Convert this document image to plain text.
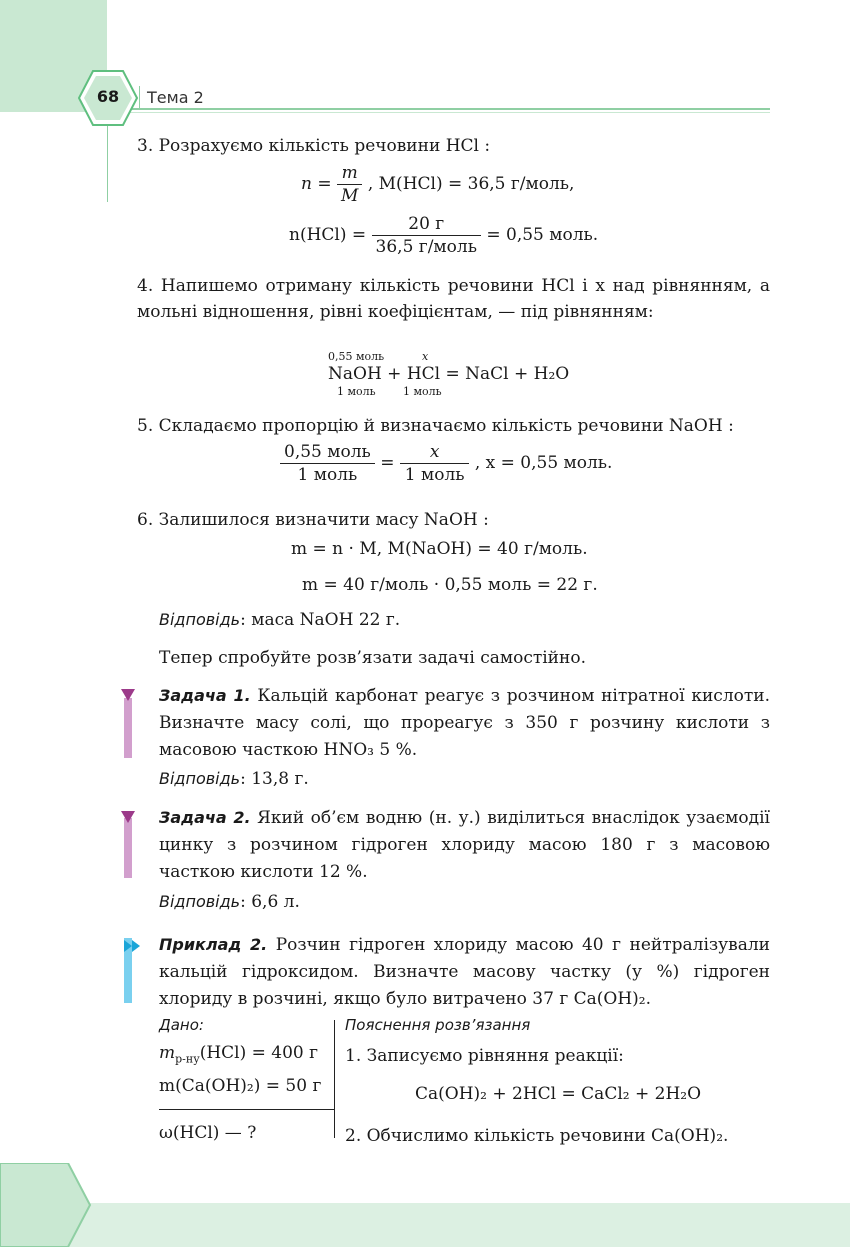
68	Тема 2
3. Розрахуємо кількість речовини HCl :
$n = \frac{m}{M}$ , M(HCl) = 36,5 г/моль,
$n(HCl) = \frac{20 г}{\text{36,5 г/моль}} = 0,55$ моль.
4. Напишемо отриману кількість речовини HCl і x над рівнянням, а мольні відношення, рівні коефіцієнтам, — під рівнянням:
0,55 моль	x
NaOH + HCl = NaCl + H₂O
1 моль 1 моль
5. Складаємо пропорцію й визначаємо кількість речовини NaOH :
$\frac{\text{0,55 моль}}{\text{1 моль}} = \frac{x}{\text{1 моль}}$ , x = 0,55 моль.
6. Залишилося визначити масу NaOH :
m = n · M, M(NaOH) = 40 г/моль.
m = 40 г/моль · 0,55 моль = 22 г.
Відповідь: маса NaOH 22 г.
Тепер спробуйте розв’язати задачі самостійно.
Задача 1. Кальцій карбонат реагує з розчином нітратної кислоти. Визначте масу солі, що прореагує з 350 г розчину кислоти з масовою часткою HNO₃ 5 %.
Відповідь: 13,8 г.
Задача 2. Який об’єм водню (н. у.) виділиться внаслідок узаємодії цинку з розчином гідроген хлориду масою 180 г з масовою часткою кислоти 12 %.
Відповідь: 6,6 л.
Приклад 2. Розчин гідроген хлориду масою 40 г нейтралізували кальцій гідроксидом. Визначте масову частку (у %) гідроген хлориду в розчині, якщо було витрачено 37 г Ca(OH)₂.
Дано:
$m_{р-ну}(HCl) = 400$ г
m(Ca(OH)₂) = 50 г
ω(HCl) — ?
Пояснення розв’язання
1. Записуємо рівняння реакції:
Ca(OH)₂ + 2HCl = CaCl₂ + 2H₂O
2. Обчислимо кількість речовини Ca(OH)₂.
